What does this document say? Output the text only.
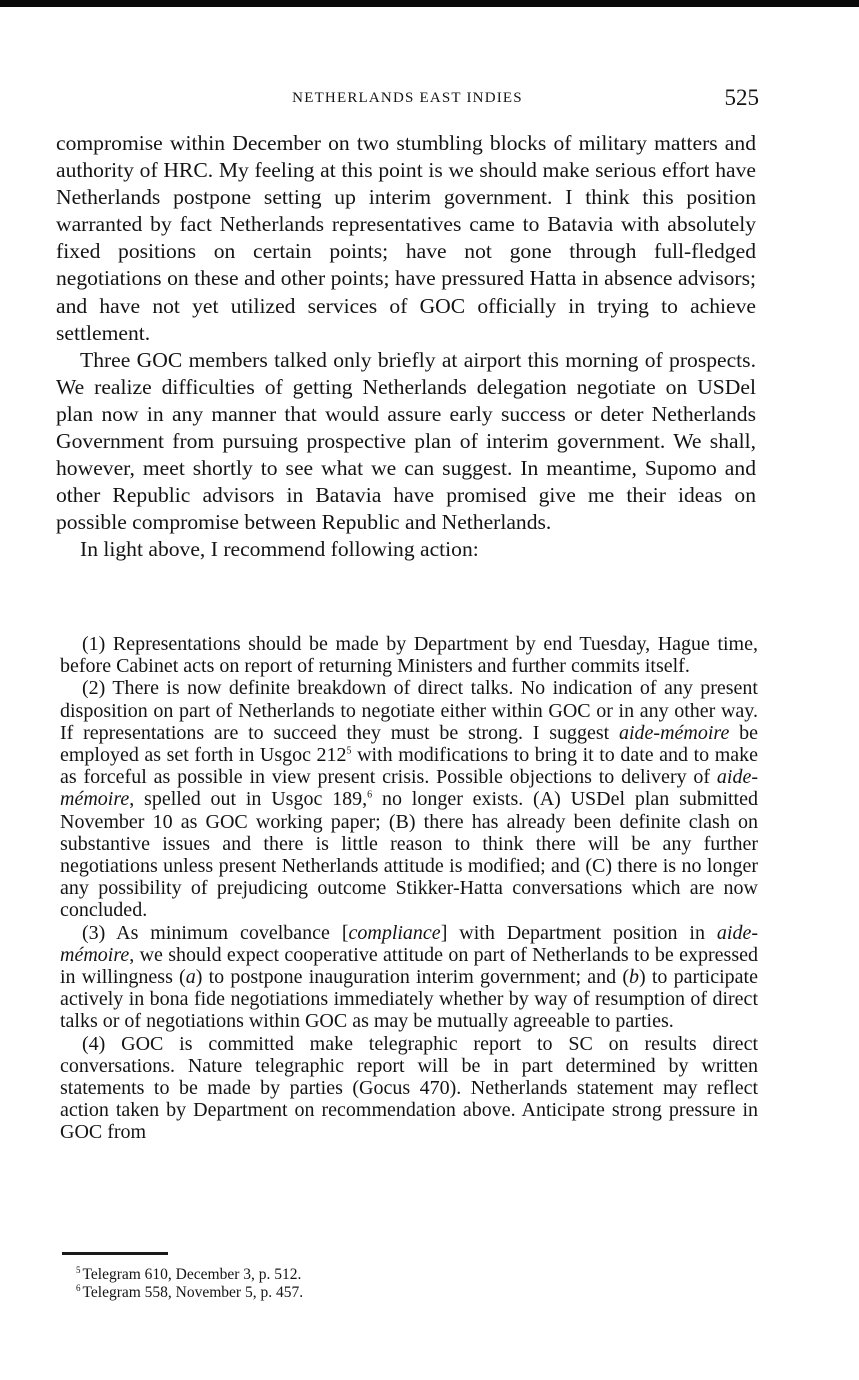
NETHERLANDS EAST INDIES	525

compromise within December on two stumbling blocks of military matters and authority of HRC. My feeling at this point is we should make serious effort have Netherlands postpone setting up interim government. I think this position warranted by fact Netherlands representatives came to Batavia with absolutely fixed positions on certain points; have not gone through full-fledged negotiations on these and other points; have pressured Hatta in absence advisors; and have not yet utilized services of GOC officially in trying to achieve settlement.

Three GOC members talked only briefly at airport this morning of prospects. We realize difficulties of getting Netherlands delegation negotiate on USDel plan now in any manner that would assure early success or deter Netherlands Government from pursuing prospective plan of interim government. We shall, however, meet shortly to see what we can suggest. In meantime, Supomo and other Republic advisors in Batavia have promised give me their ideas on possible compromise between Republic and Netherlands.

In light above, I recommend following action:

(1) Representations should be made by Department by end Tuesday, Hague time, before Cabinet acts on report of returning Ministers and further commits itself.

(2) There is now definite breakdown of direct talks. No indication of any present disposition on part of Netherlands to negotiate either within GOC or in any other way. If representations are to succeed they must be strong. I suggest aide-mémoire be employed as set forth in Usgoc $212^5$ with modifications to bring it to date and to make as forceful as possible in view present crisis. Possible objections to delivery of aide-mémoire, spelled out in Usgoc 189,$^6$ no longer exists. (A) USDel plan submitted November 10 as GOC working paper; (B) there has already been definite clash on substantive issues and there is little reason to think there will be any further negotiations unless present Netherlands attitude is modified; and (C) there is no longer any possibility of prejudicing outcome Stikker-Hatta conversations which are now concluded.

(3) As minimum covelbance [compliance] with Department position in aide-mémoire, we should expect cooperative attitude on part of Netherlands to be expressed in willingness (a) to postpone inauguration interim government; and (b) to participate actively in bona fide negotiations immediately whether by way of resumption of direct talks or of negotiations within GOC as may be mutually agreeable to parties.

(4) GOC is committed make telegraphic report to SC on results direct conversations. Nature telegraphic report will be in part determined by written statements to be made by parties (Gocus 470). Netherlands statement may reflect action taken by Department on recommendation above. Anticipate strong pressure in GOC from

$^5$ Telegram 610, December 3, p. 512.

$^6$ Telegram 558, November 5, p. 457.
